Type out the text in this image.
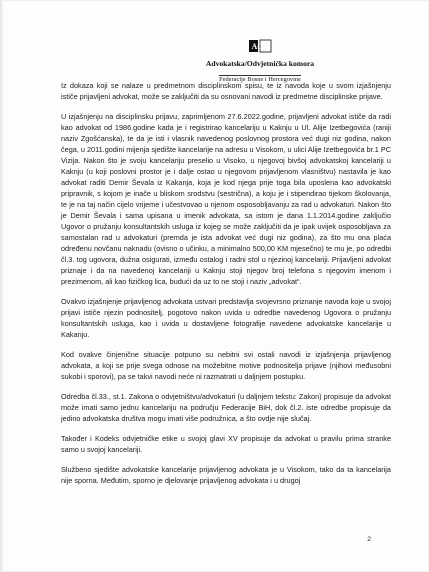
AOK
Advokatska/Odvjetnička komora
Federacije Bosne i Hercegovine

Iz dokaza koji se nalaze u predmetnom disciplinskom spisu, te iz navoda koje u svom izjašnjenju ističe prijavljeni advokat, može se zaključiti da su osnovani navodi iz predmetne disciplinske prijave.

U izjašnjenju na disciplinsku prijavu, zaprimljenom 27.6.2022.godine, prijavljeni advokat ističe da radi kao advokat od 1986.godine kada je i registrirao kancelariju u Kaknju u Ul. Alije Izetbegovića (raniji naziv Zgošćanska), te da je isti i vlasnik navedenog poslovnog prostora već dugi niz godina, nakon čega, u 2011.godini mijenja sjedište kancelarije na adresu u Visokom, u ulici Alije Izetbegovića br.1 PC Vizija. Nakon što je svoju kancelariju preselio u Visoko, u njegovoj bivšoj advokatskoj kancelariji u Kaknju (u koji poslovni prostor je i dalje ostao u njegovom prijavljenom vlasništvu) nastavila je kao advokat raditi Demir Ševala iz Kakanja, koja je kod njega prije toga bila uposlena kao advokatski pripravnik, s kojom je inače u bliskom srodstvu (sestrična), a koju je i stipendirao tijekom školovanja, te je na taj način cijelo vrijeme i učestvovao u njenom osposobljavanju za rad u advokaturi. Nakon što je Demir Ševala i sama upisana u imenik advokata, sa istom je dana 1.1.2014.godine zaključio Ugovor o pružanju konsultantskih usluga iz kojeg se može zaključiti da je ipak uvijek osposobljava za samostalan rad u advokaturi (premda je ista advokat već dugi niz godina), za što mu ona plaća određenu novčanu naknadu (ovisno o učinku, a minimalno 500,00 KM mjesečno) te mu je, po odredbi čl.3. tog ugovora, dužna osigurati, između ostalog i radni stol u njezinoj kancelariji. Prijavljeni advokat priznaje i da na navedenoj kancelariji u Kaknju stoji njegov broj telefona s njegovim imenom i prezimenom, ali kao fizičkog lica, budući da uz to ne stoji i naziv „advokat“.

Ovakvo izjašnjenje prijavljenog advokata ustvari predstavlja svojevrsno priznanje navoda koje u svojoj prijavi ističe njezin podnositelj, pogotovo nakon uvida u odredbe navedenog Ugovora o pružanju konsultantskih usluga, kao i uvida u dostavljene fotografije navedene advokatske kancelarije u Kakanju.

Kod ovakve činjenične situacije potpuno su nebitni svi ostali navodi iz izjašnjenja prijavljenog advokata, a koji se prije svega odnose na možebitne motive podnositelja prijave (njihovi međusobni sukobi i sporovi), pa se takvi navodi neće ni razmatrati u daljnjem postupku.

Odredba čl.33., st.1. Zakona o odvjetništvu/advokaturi (u daljnjem tekstu: Zakon) propisuje da advokat može imati samo jednu kancelariju na području Federacije BiH, dok čl.2. iste odredbe propisuje da jedino advokatska društva mogu imati više podružnica, a što ovdje nije slučaj.

Također i Kodeks odvjetničke etike u svojoj glavi XV propisuje da advokat u pravilu prima stranke samo u svojoj kancelariji.

Službeno sjedište advokatske kancelarije prijavljenog advokata je u Visokom, tako da ta kancelarija nije sporna. Međutim, sporno je djelovanje prijavljenog advokata i u drugoj

2
